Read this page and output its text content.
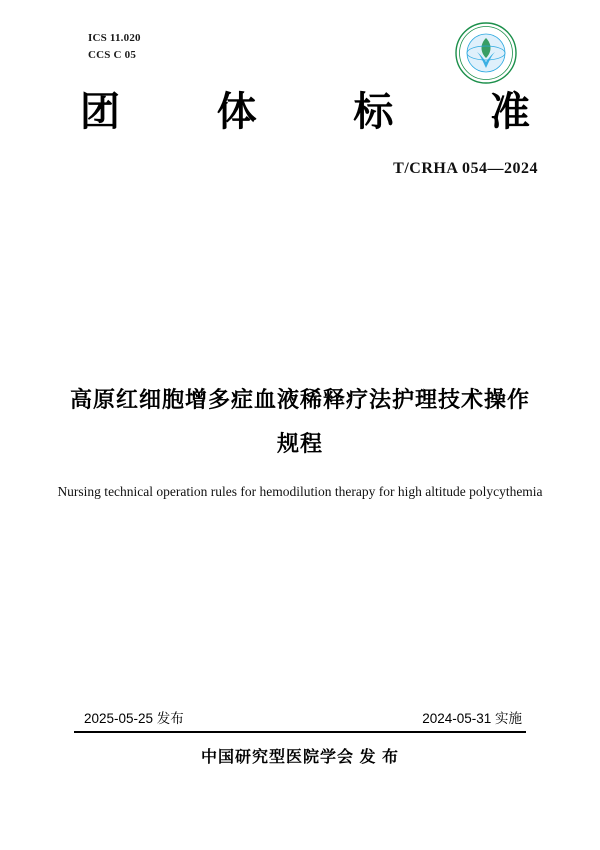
ICS 11.020
CCS C 05
团 体 标 准
T/CRHA 054—2024
高原红细胞增多症血液稀释疗法护理技术操作规程
Nursing technical operation rules for hemodilution therapy for high altitude polycythemia
2025-05-25 发布	2024-05-31 实施
中国研究型医院学会 发 布
